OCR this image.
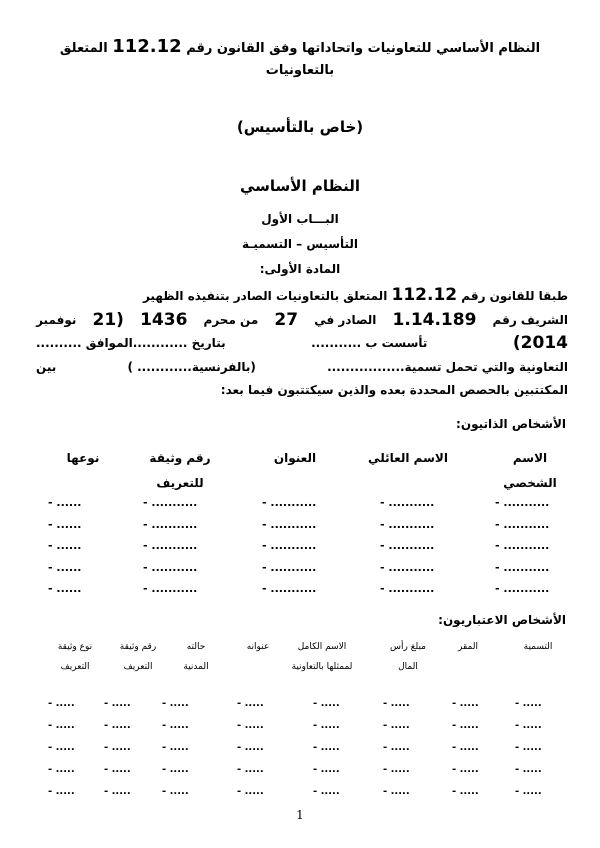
النظام الأساسي للتعاونيات واتحاداتها وفق القانون رقم 112.12 المتعلق
بالتعاونيات
(خاص بالتأسيس)
النظام الأساسي
البـــاب الأول
التأسيس – التسميـة
المادة الأولى:
طبقا للقانون رقم 112.12 المتعلق بالتعاونيات الصادر بتنفيذه الظهير
الشريف رقم
1.14.189
الصادر في
27
من محرم
1436
(21
نوفمبر
2014)
تأسست ب ...........
بتاريخ ............الموافق ..........
التعاونية والتي تحمل تسمية.................
(بالفرنسية............ )
بين
المكتتبين بالحصص المحددة بعده والذين سيكتتبون فيما بعد:
الأشخاص الذاتيون:
الاسم الشخصي
الاسم العائلي
العنوان
رقم وثيقة للتعريف
نوعها
- ...........
- ...........
- ...........
- ...........
- ......
- ...........
- ...........
- ...........
- ...........
- ......
- ...........
- ...........
- ...........
- ...........
- ......
- ...........
- ...........
- ...........
- ...........
- ......
- ...........
- ...........
- ...........
- ...........
- ......
الأشخاص الاعتباريون:
التسمية
المقر
مبلغ رأس المال
الاسم الكامل لممثلها بالتعاونية
عنوانه
حالته المدنية
رقم وثيقة التعريف
نوع وثيقة التعريف
- .....
- .....
- .....
- .....
- .....
- .....
- .....
- .....
- .....
- .....
- .....
- .....
- .....
- .....
- .....
- .....
- .....
- .....
- .....
- .....
- .....
- .....
- .....
- .....
- .....
- .....
- .....
- .....
- .....
- .....
- .....
- .....
- .....
- .....
- .....
- .....
- .....
- .....
- .....
- .....
1
